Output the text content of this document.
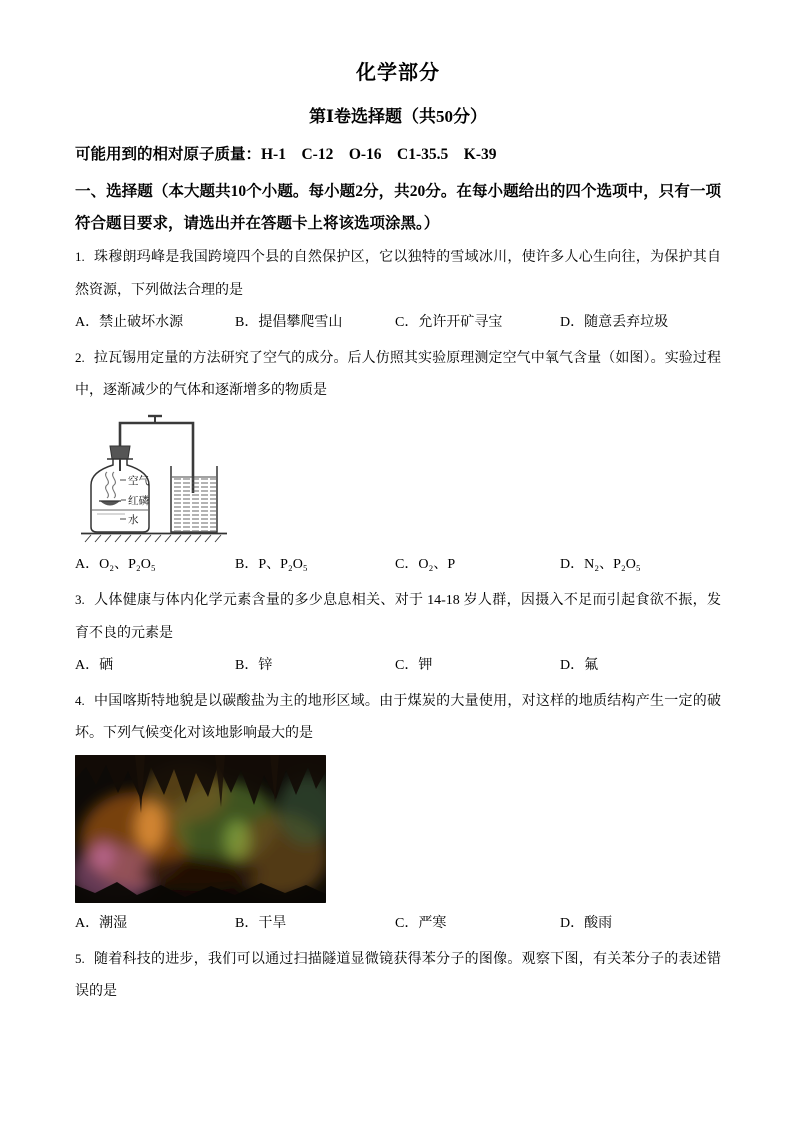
化学部分
第Ⅰ卷选择题（共50分）

可能用到的相对原子质量：H-1    C-12    O-16    C1-35.5    K-39

一、选择题（本大题共10个小题。每小题2分，共20分。在每小题给出的四个选项中，只有一项符合题目要求，请选出并在答题卡上将该选项涂黑。）

1. 珠穆朗玛峰是我国跨境四个县的自然保护区，它以独特的雪域冰川，使许多人心生向往，为保护其自然资源，下列做法合理的是

A．禁止破坏水源	B．提倡攀爬雪山	C．允许开矿寻宝	D．随意丢弃垃圾

2. 拉瓦锡用定量的方法研究了空气的成分。后人仿照其实验原理测定空气中氧气含量（如图）。实验过程中，逐渐减少的气体和逐渐增多的物质是

空气
红磷
水
A．O₂、P₂O₅	B．P、P₂O₅	C．O₂、P	D．N₂、P₂O₅

3. 人体健康与体内化学元素含量的多少息息相关、对于 14-18 岁人群，因摄入不足而引起食欲不振，发育不良的元素是

A．硒	B．锌	C．钾	D．氟

4. 中国喀斯特地貌是以碳酸盐为主的地形区域。由于煤炭的大量使用，对这样的地质结构产生一定的破坏。下列气候变化对该地影响最大的是

A．潮湿	B．干旱	C．严寒	D．酸雨

5. 随着科技的进步，我们可以通过扫描隧道显微镜获得苯分子的图像。观察下图，有关苯分子的表述错误的是
